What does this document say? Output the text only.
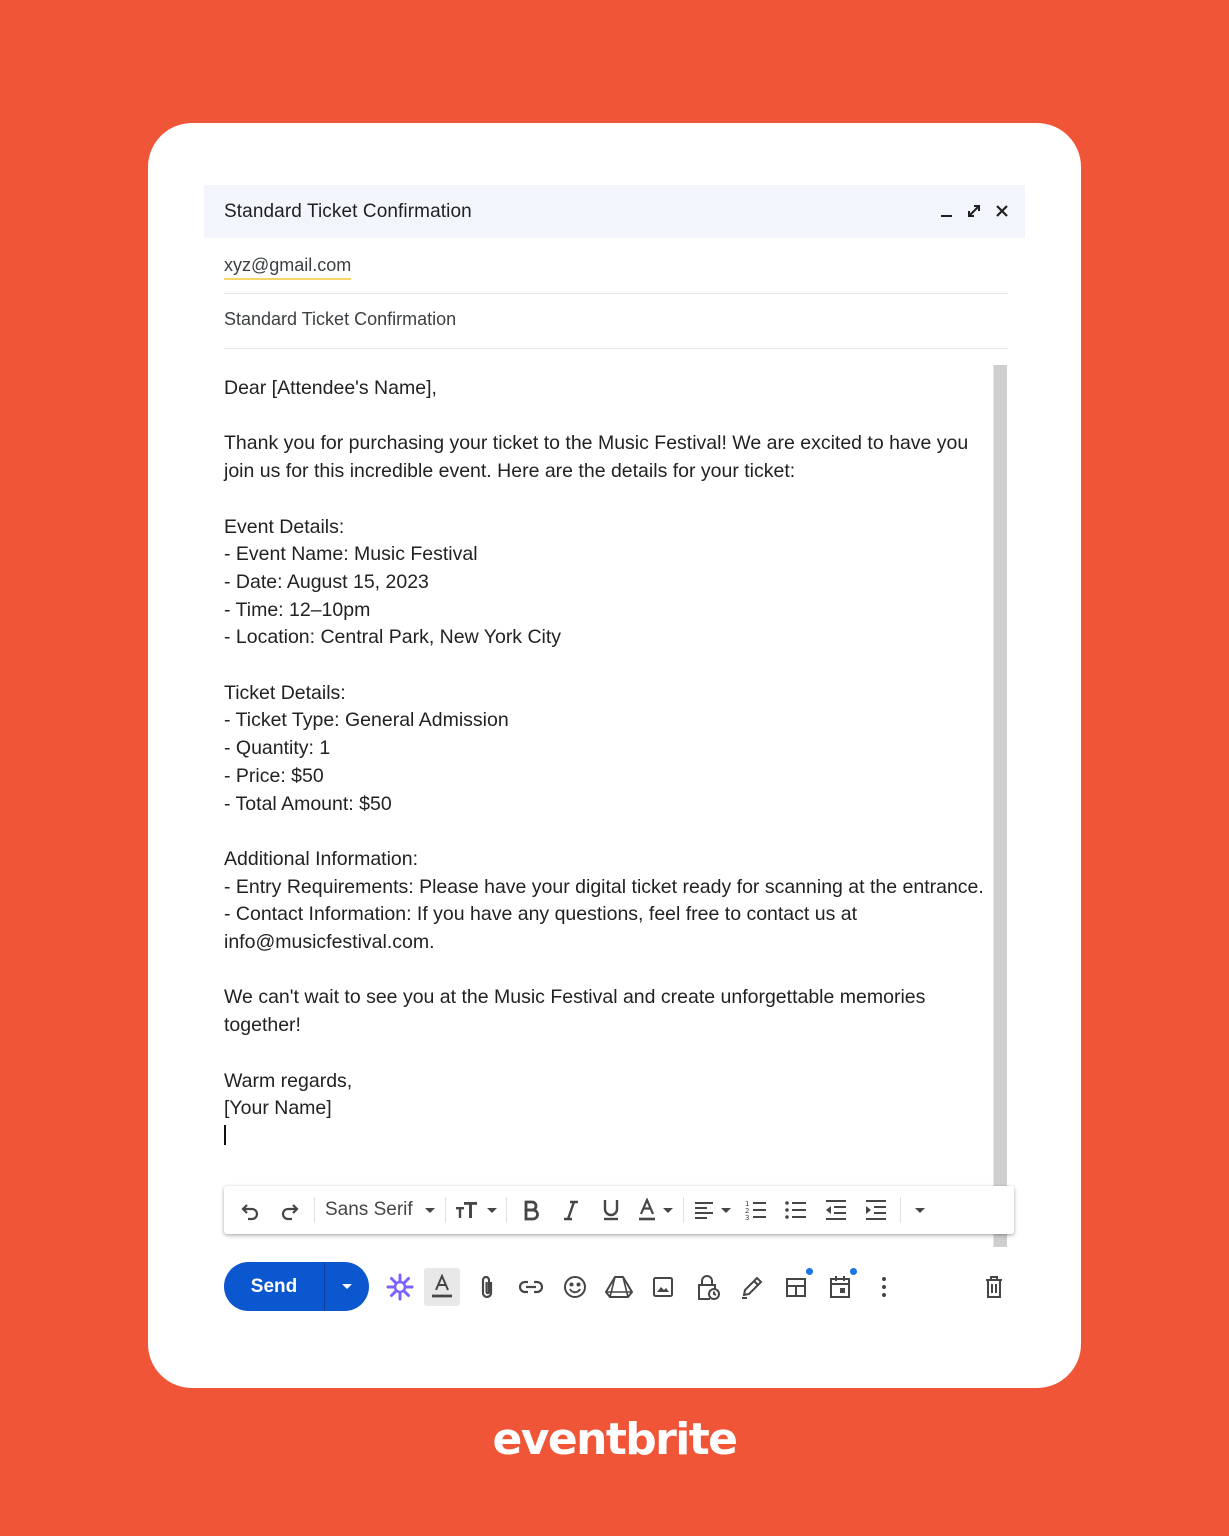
Standard Ticket Confirmation
xyz@gmail.com
Standard Ticket Confirmation
Dear [Attendee's Name],

Thank you for purchasing your ticket to the Music Festival! We are excited to have you join us for this incredible event. Here are the details for your ticket:

Event Details:
- Event Name: Music Festival
- Date: August 15, 2023
- Time: 12–10pm
- Location: Central Park, New York City

Ticket Details:
- Ticket Type: General Admission
- Quantity: 1
- Price: $50
- Total Amount: $50

Additional Information:
- Entry Requirements: Please have your digital ticket ready for scanning at the entrance.
- Contact Information: If you have any questions, feel free to contact us at info@musicfestival.com.

We can't wait to see you at the Music Festival and create unforgettable memories together!

Warm regards,
[Your Name]

Sans Serif	1
2
3
Send
eventbrite
